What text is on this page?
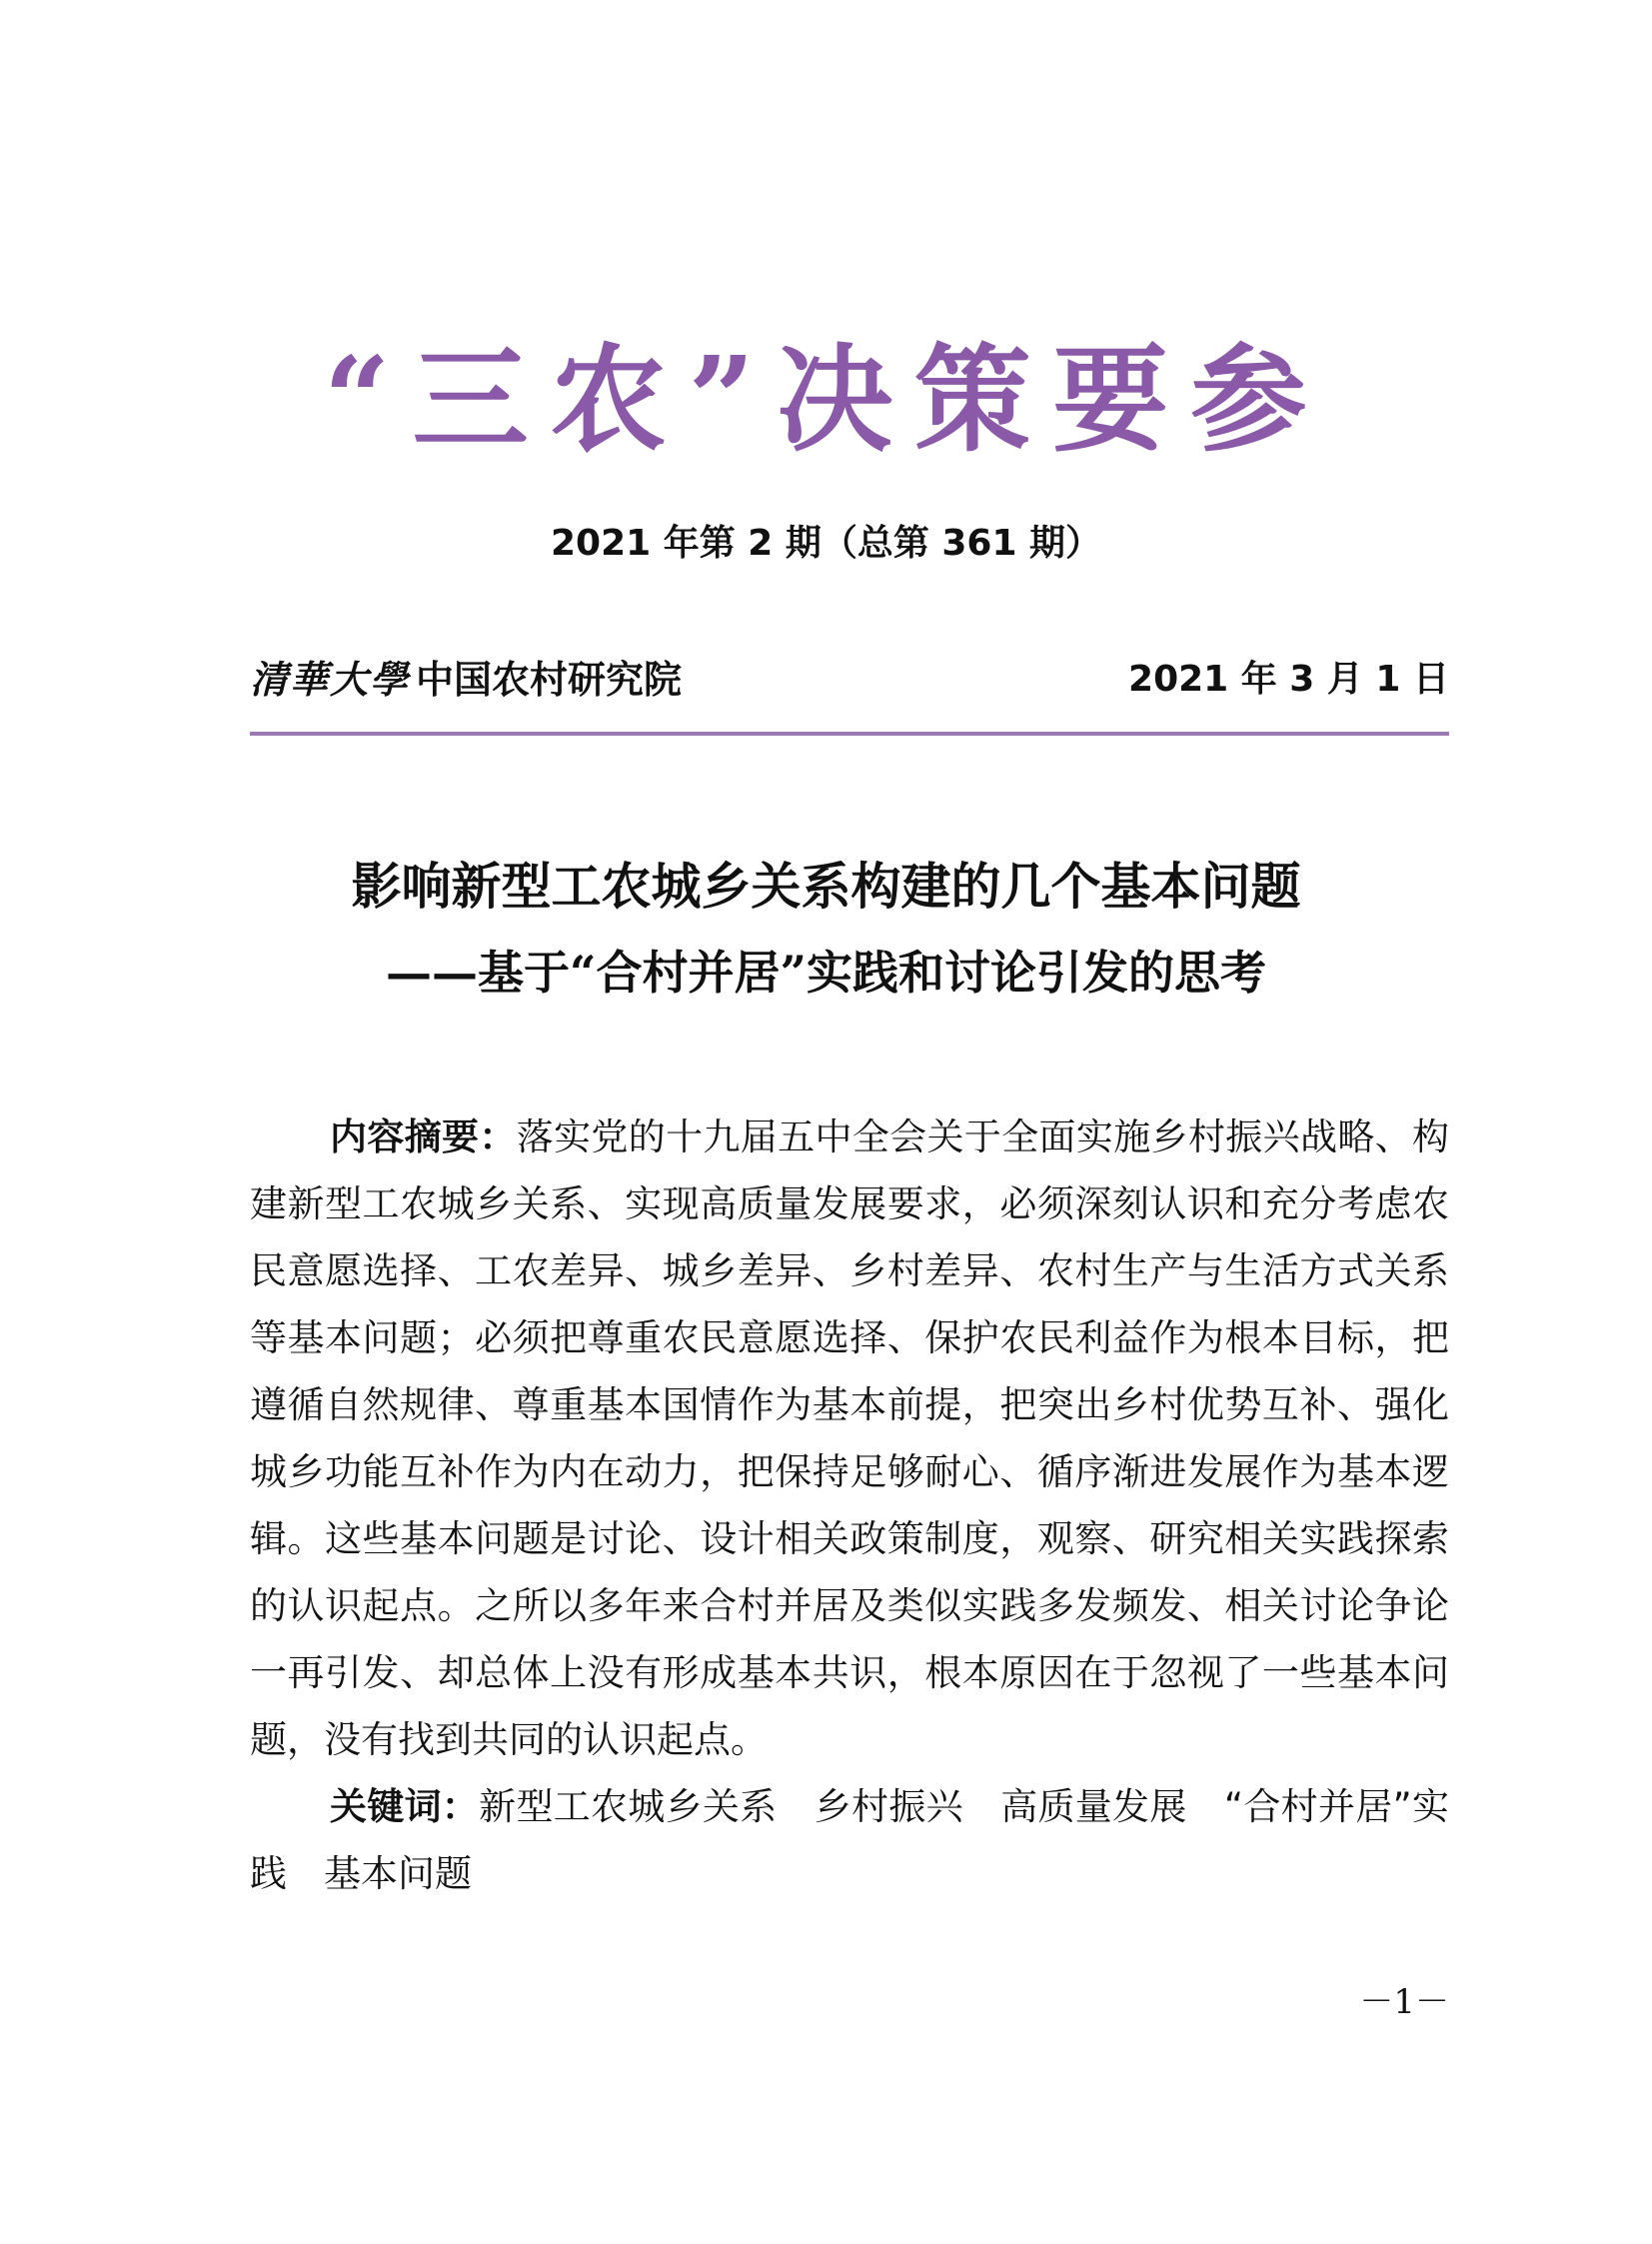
“三农”决策要参
2021 年第 2 期（总第 361 期）
清華大學 中国农村研究院	2021 年 3 月 1 日
影响新型工农城乡关系构建的几个基本问题
——基于“合村并居”实践和讨论引发的思考
内容摘要：落实党的十九届五中全会关于全面实施乡村振兴战略、构建新型工农城乡关系、实现高质量发展要求，必须深刻认识和充分考虑农民意愿选择、工农差异、城乡差异、乡村差异、农村生产与生活方式关系等基本问题；必须把尊重农民意愿选择、保护农民利益作为根本目标，把遵循自然规律、尊重基本国情作为基本前提，把突出乡村优势互补、强化城乡功能互补作为内在动力，把保持足够耐心、循序渐进发展作为基本逻辑。这些基本问题是讨论、设计相关政策制度，观察、研究相关实践探索的认识起点。之所以多年来合村并居及类似实践多发频发、相关讨论争论一再引发、却总体上没有形成基本共识，根本原因在于忽视了一些基本问题，没有找到共同的认识起点。
关键词：新型工农城乡关系　乡村振兴　高质量发展　“合村并居”实践　基本问题
－1－
